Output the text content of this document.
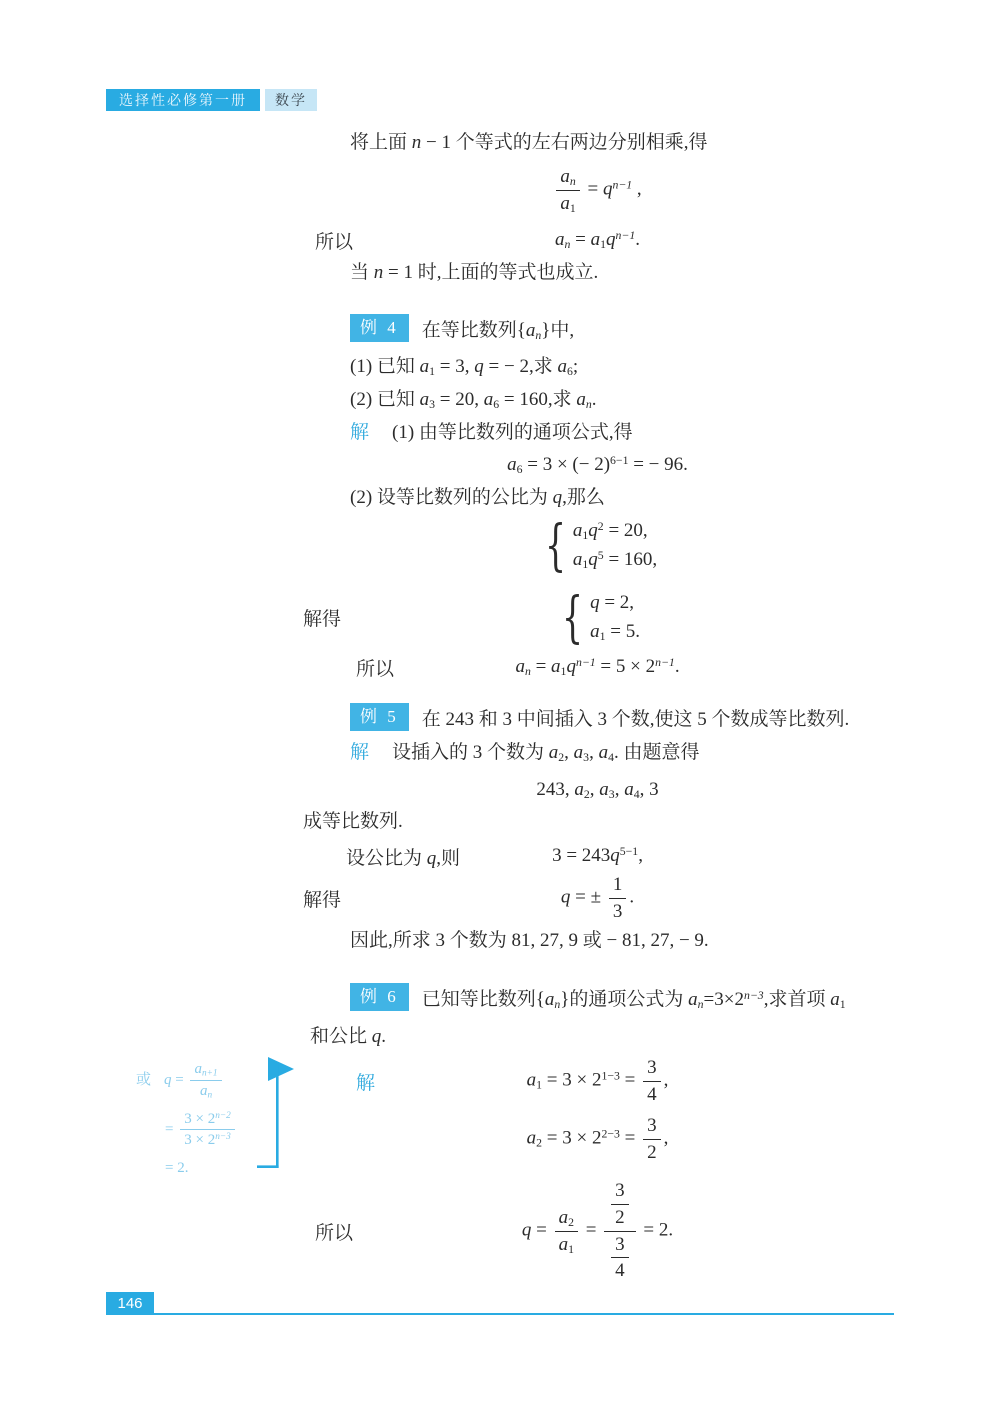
选择性必修第一册	数学
将上面 n − 1 个等式的左右两边分别相乘,得
$\frac{a_n}{a_1} = q^{n-1}$ ,
所以	$a_n = a_1q^{n-1}$.
当 n = 1 时,上面的等式也成立.
例 4	在等比数列$\{a_n\}$中,
(1) 已知 $a_1 = 3$, q = − 2,求 $a_6$;
(2) 已知 $a_3 = 20$, $a_6 = 160$,求 $a_n$.
解 (1) 由等比数列的通项公式,得
$a_6 = 3$ × (− 2)$^{6-1}$ = − 96.
(2) 设等比数列的公比为 q,那么
{ $a_1q^2 = 20$,
$a_1q^5 = 160$,
解得	{ q = 2,
$a_1 = 5$.
所以	$a_n = a_1q^{n-1} = 5 \times 2^{n-1}$.
例 5	在 243 和 3 中间插入 3 个数,使这 5 个数成等比数列.
解 设插入的 3 个数为 $a_2$, $a_3$, $a_4$. 由题意得
243, $a_2$, $a_3$, $a_4$, 3
成等比数列.
设公比为 q,则	$3 = 243q^{5-1}$,
解得	q = ± $\frac{1}{3}$ .
因此,所求 3 个数为 81, 27, 9 或 − 81, 27, − 9.
例 6	已知等比数列$\{a_n\}$的通项公式为 $a_n=3\times 2^{n-3}$,求首项 $a_1$
和公比 q.
解	$a_1 = 3 \times 2^{1-3} = \frac{3}{4}$ ,
$a_2 = 3 \times 2^{2-3} = \frac{3}{2}$ ,
所以	$q = \frac{a_2}{a_1} = \frac{\frac{3}{2}}{\frac{3}{4}} = 2$.
或 $q = \frac{a_{n+1}}{a_n}$
= $\frac{3 \times 2^{n-2}}{3 \times 2^{n-3}}$
= 2.
146
